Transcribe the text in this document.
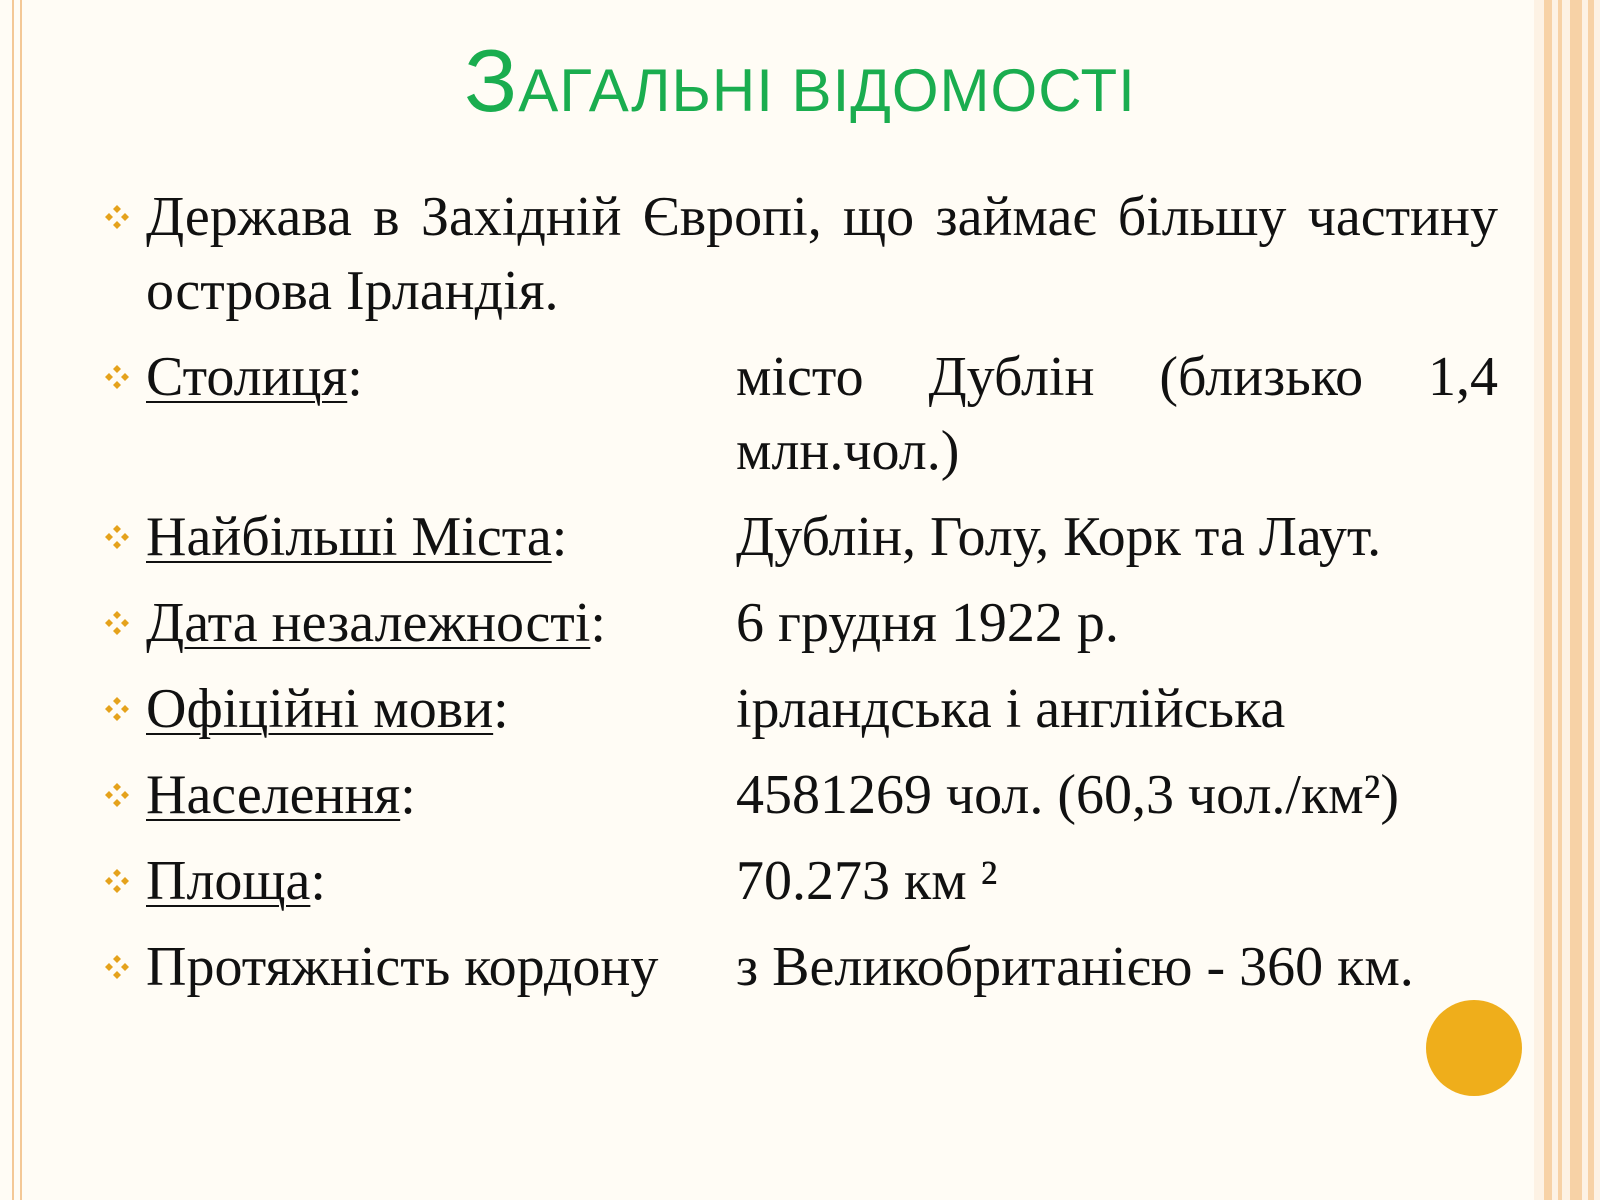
ЗАГАЛЬНІ ВІДОМОСТІ
Держава в Західній Європі, що займає більшу частину острова Ірландія.
Столиця:	місто Дублін (близько 1,4 млн.чол.)
Найбільші Міста:	Дублін, Голу, Корк та Лаут.
Дата незалежності:	6 грудня 1922 р.
Офіційні мови:	ірландська і англійська
Населення:	4581269 чол. (60,3 чол./км²)
Площа:	70.273 км ²
Протяжність кордону	з Великобританією - 360 км.
